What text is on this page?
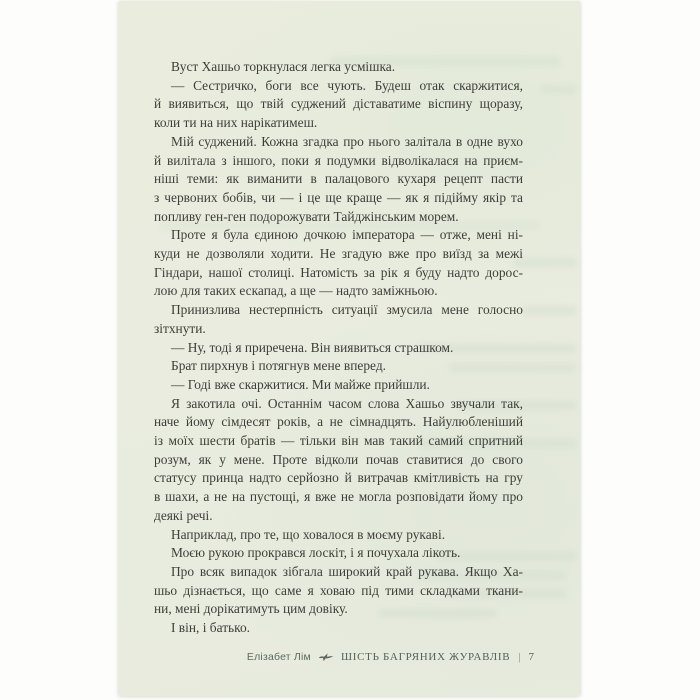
Вуст Хашьо торкнулася легка усмішка.

— Сестричко, боги все чують. Будеш отак скаржитися,
й виявиться, що твій суджений діставатиме віспину щоразу,
коли ти на них нарікатимеш.

Мій суджений. Кожна згадка про нього залітала в одне вухо
й вилітала з іншого, поки я подумки відволікалася на приєм-
ніші теми: як виманити в палацового кухаря рецепт пасти
з червоних бобів, чи — і це ще краще — як я підійму якір та
попливу ген-ген подорожувати Тайджінським морем.

Проте я була єдиною дочкою імператора — отже, мені ні-
куди не дозволяли ходити. Не згадую вже про виїзд за межі
Гіндари, нашої столиці. Натомість за рік я буду надто дорос-
лою для таких ескапад, а ще — надто заміжньою.

Принизлива нестерпність ситуації змусила мене голосно
зітхнути.

— Ну, тоді я приречена. Він виявиться страшком.

Брат пирхнув і потягнув мене вперед.

— Годі вже скаржитися. Ми майже прийшли.

Я закотила очі. Останнім часом слова Хашьо звучали так,
наче йому сімдесят років, а не сімнадцять. Найулюбленіший
із моїх шести братів — тільки він мав такий самий спритний
розум, як у мене. Проте відколи почав ставитися до свого
статусу принца надто серйозно й витрачав кмітливість на гру
в шахи, а не на пустощі, я вже не могла розповідати йому про
деякі речі.

Наприклад, про те, що ховалося в моєму рукаві.

Моєю рукою прокрався лоскіт, і я почухала лікоть.

Про всяк випадок зібгала широкий край рукава. Якщо Ха-
шьо дізнається, що саме я ховаю під тими складками ткани-
ни, мені дорікатимуть цим довіку.

І він, і батько.

Елізабет Лім	ШІСТЬ БАГРЯНИХ ЖУРАВЛІВ | 7
